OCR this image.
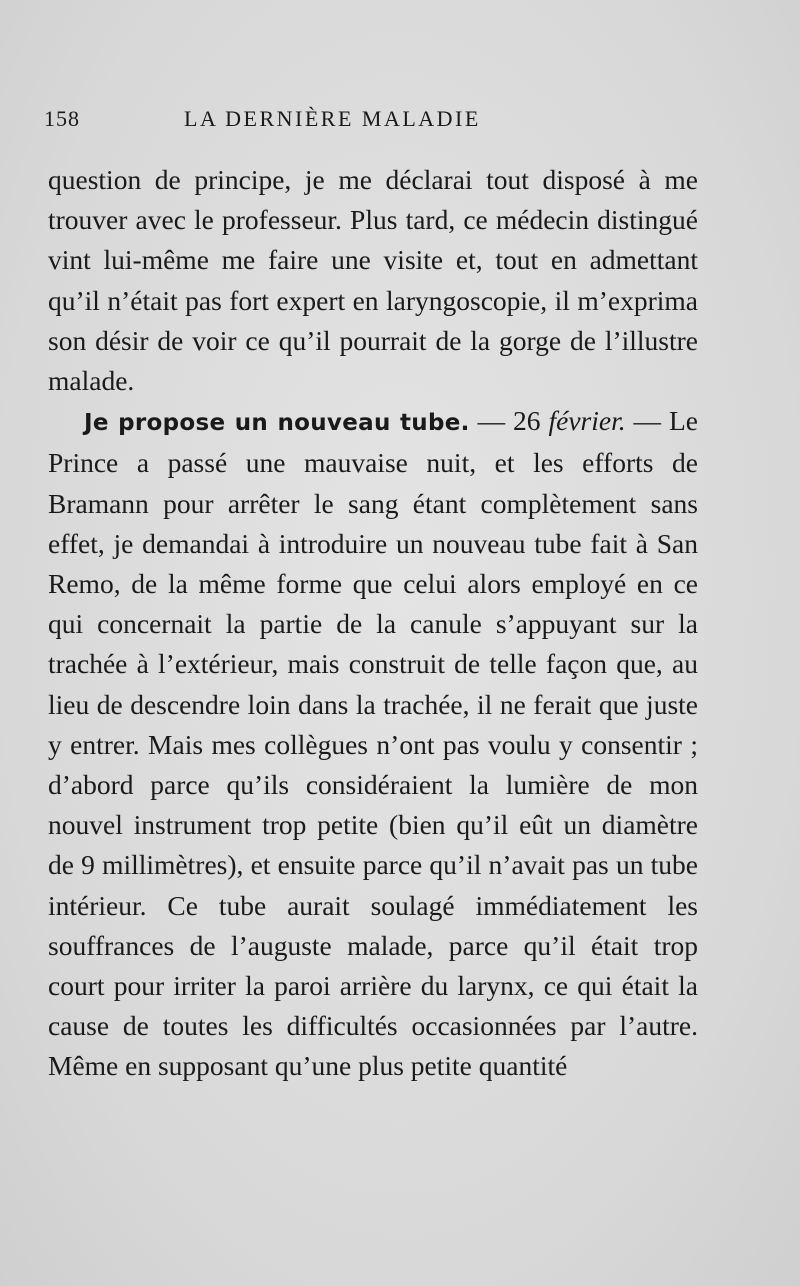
158	LA DERNIÈRE MALADIE

question de principe, je me déclarai tout disposé à me trouver avec le professeur. Plus tard, ce médecin distingué vint lui-même me faire une visite et, tout en admettant qu’il n’était pas fort expert en laryngoscopie, il m’exprima son désir de voir ce qu’il pourrait de la gorge de l’illustre malade.

Je propose un nouveau tube. — 26 février. — Le Prince a passé une mauvaise nuit, et les efforts de Bramann pour arrêter le sang étant complètement sans effet, je demandai à introduire un nouveau tube fait à San Remo, de la même forme que celui alors employé en ce qui concernait la partie de la canule s’appuyant sur la trachée à l’extérieur, mais construit de telle façon que, au lieu de descendre loin dans la trachée, il ne ferait que juste y entrer. Mais mes collègues n’ont pas voulu y consentir ; d’abord parce qu’ils considéraient la lumière de mon nouvel instrument trop petite (bien qu’il eût un diamètre de 9 millimètres), et ensuite parce qu’il n’avait pas un tube intérieur. Ce tube aurait soulagé immédiatement les souffrances de l’auguste malade, parce qu’il était trop court pour irriter la paroi arrière du larynx, ce qui était la cause de toutes les difficultés occasionnées par l’autre. Même en supposant qu’une plus petite quantité
